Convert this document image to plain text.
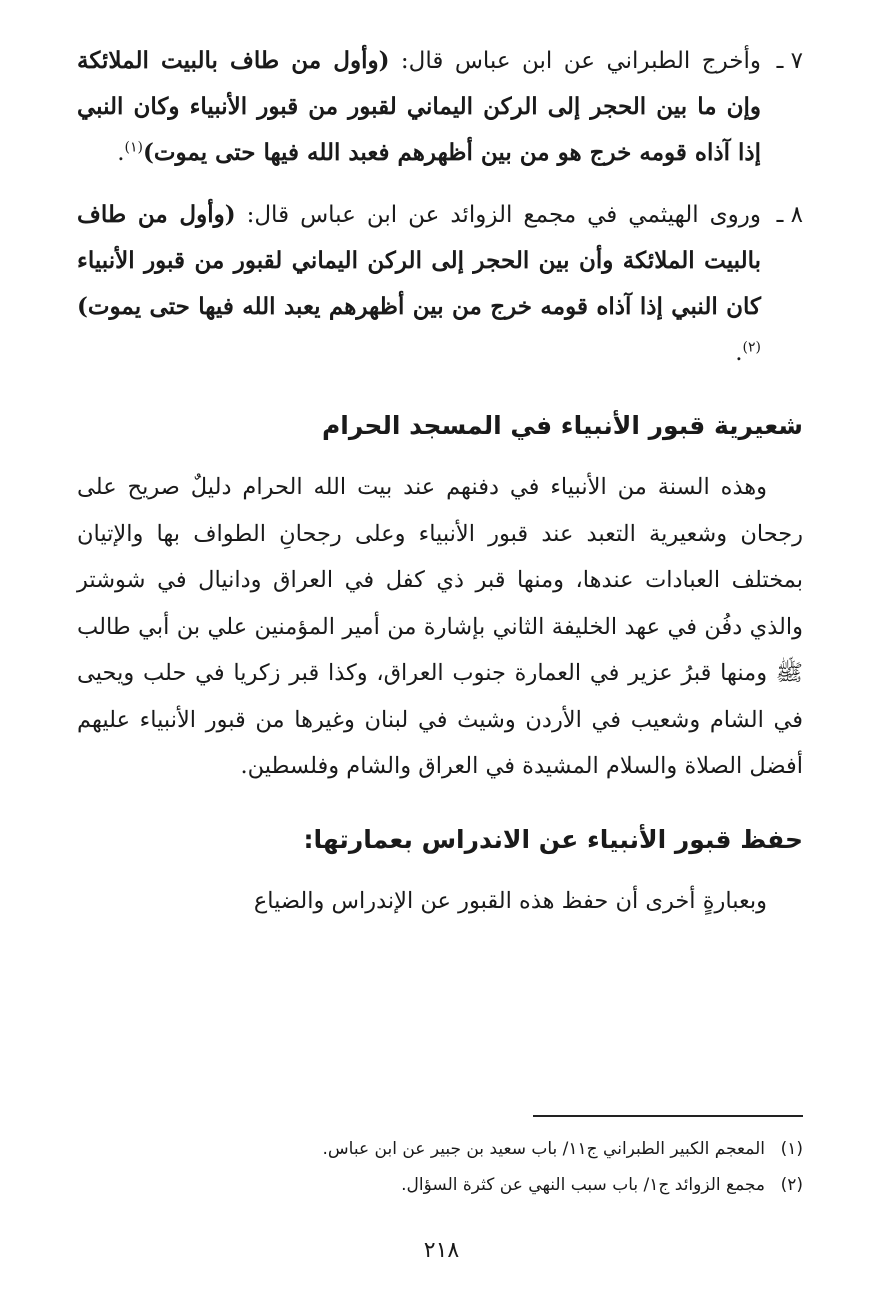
٧ ـ
وأخرج الطبراني عن ابن عباس قال: (وأول من طاف بالبيت الملائكة وإن ما بين الحجر إلى الركن اليماني لقبور من قبور الأنبياء وكان النبي إذا آذاه قومه خرج هو من بين أظهرهم فعبد الله فيها حتى يموت)$^{(١)}$.
٨ ـ
وروى الهيثمي في مجمع الزوائد عن ابن عباس قال: (وأول من طاف بالبيت الملائكة وأن بين الحجر إلى الركن اليماني لقبور من قبور الأنبياء كان النبي إذا آذاه قومه خرج من بين أظهرهم يعبد الله فيها حتى يموت)$^{(٢)}$.
شعيرية قبور الأنبياء في المسجد الحرام

وهذه السنة من الأنبياء في دفنهم عند بيت الله الحرام دليلٌ صريح على رجحان وشعيرية التعبد عند قبور الأنبياء وعلى رجحانِ الطواف بها والإتيان بمختلف العبادات عندها، ومنها قبر ذي كفل في العراق ودانيال في شوشتر والذي دفُن في عهد الخليفة الثاني بإشارة من أمير المؤمنين علي بن أبي طالب ﷺ ومنها قبرُ عزير في العمارة جنوب العراق، وكذا قبر زكريا في حلب ويحيى في الشام وشعيب في الأردن وشيث في لبنان وغيرها من قبور الأنبياء عليهم أفضل الصلاة والسلام المشيدة في العراق والشام وفلسطين.

حفظ قبور الأنبياء عن الاندراس بعمارتها:

وبعبارةٍ أخرى أن حفظ هذه القبور عن الإندراس والضياع

(١)المعجم الكبير الطبراني ج١١/ باب سعيد بن جبير عن ابن عباس.
(٢)مجمع الزوائد ج١/ باب سبب النهي عن كثرة السؤال.
٢١٨
